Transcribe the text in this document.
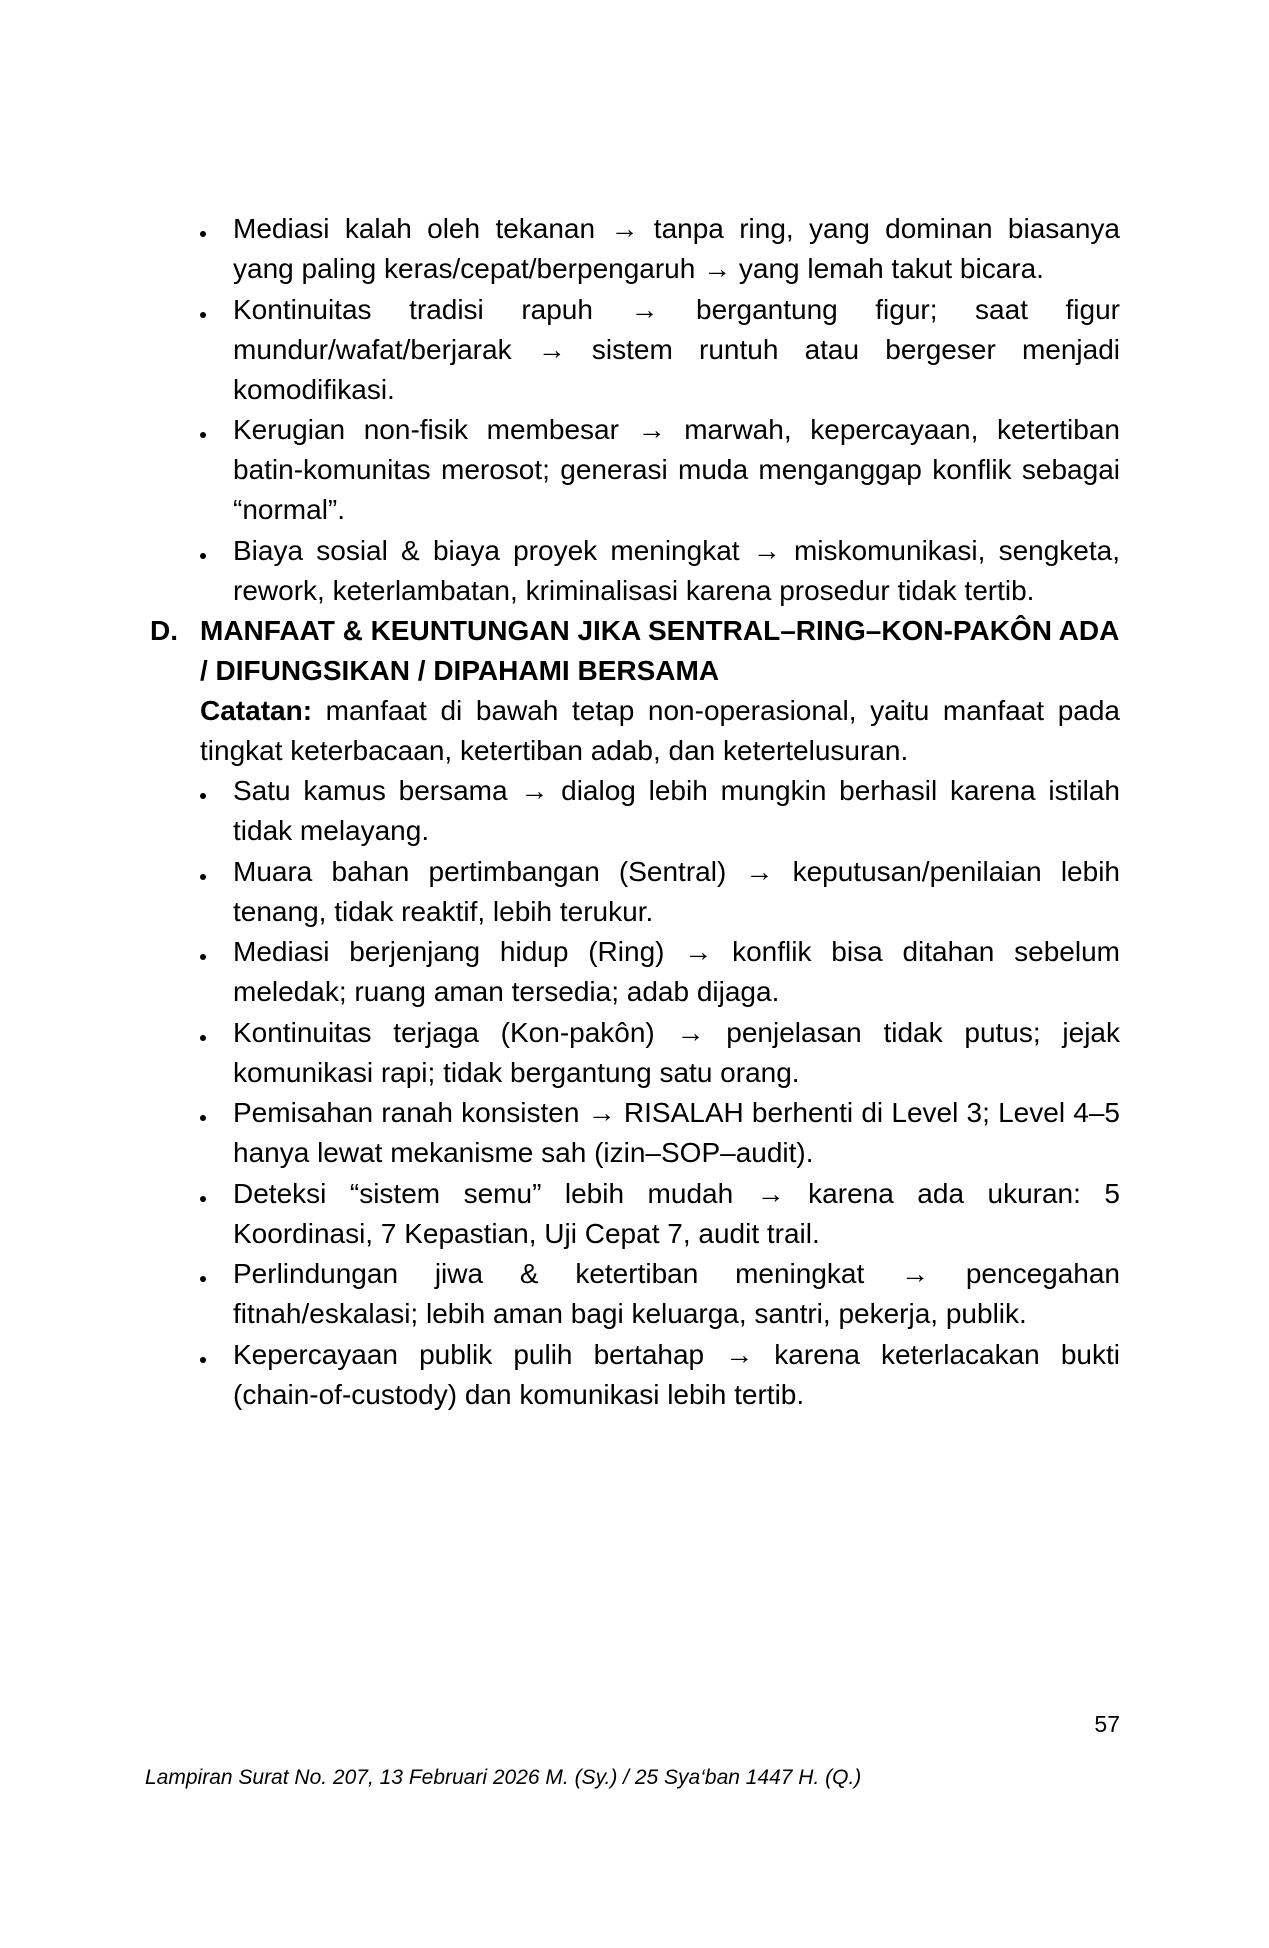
Mediasi kalah oleh tekanan → tanpa ring, yang dominan biasanya yang paling keras/cepat/berpengaruh → yang lemah takut bicara.
Kontinuitas tradisi rapuh → bergantung figur; saat figur mundur/wafat/berjarak → sistem runtuh atau bergeser menjadi komodifikasi.
Kerugian non-fisik membesar → marwah, kepercayaan, ketertiban batin-komunitas merosot; generasi muda menganggap konflik sebagai “normal”.
Biaya sosial & biaya proyek meningkat → miskomunikasi, sengketa, rework, keterlambatan, kriminalisasi karena prosedur tidak tertib.
D. MANFAAT & KEUNTUNGAN JIKA SENTRAL–RING–KON-PAKÔN ADA / DIFUNGSIKAN / DIPAHAMI BERSAMA
Catatan: manfaat di bawah tetap non-operasional, yaitu manfaat pada tingkat keterbacaan, ketertiban adab, dan ketertelusuran.
Satu kamus bersama → dialog lebih mungkin berhasil karena istilah tidak melayang.
Muara bahan pertimbangan (Sentral) → keputusan/penilaian lebih tenang, tidak reaktif, lebih terukur.
Mediasi berjenjang hidup (Ring) → konflik bisa ditahan sebelum meledak; ruang aman tersedia; adab dijaga.
Kontinuitas terjaga (Kon-pakôn) → penjelasan tidak putus; jejak komunikasi rapi; tidak bergantung satu orang.
Pemisahan ranah konsisten → RISALAH berhenti di Level 3; Level 4–5 hanya lewat mekanisme sah (izin–SOP–audit).
Deteksi “sistem semu” lebih mudah → karena ada ukuran: 5 Koordinasi, 7 Kepastian, Uji Cepat 7, audit trail.
Perlindungan jiwa & ketertiban meningkat → pencegahan fitnah/eskalasi; lebih aman bagi keluarga, santri, pekerja, publik.
Kepercayaan publik pulih bertahap → karena keterlacakan bukti (chain-of-custody) dan komunikasi lebih tertib.
57
Lampiran Surat No. 207, 13 Februari 2026 M. (Sy.) / 25 Sya‘ban 1447 H. (Q.)
